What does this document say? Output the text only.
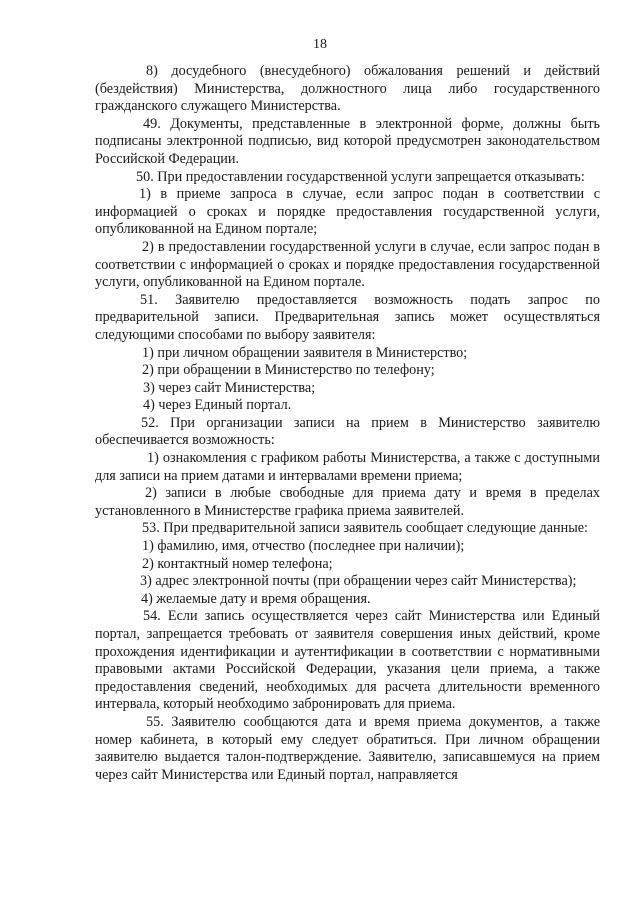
18

8) досудебного (внесудебного) обжалования решений и действий (бездействия) Министерства, должностного лица либо государственного гражданского служащего Министерства.

49. Документы, представленные в электронной форме, должны быть подписаны электронной подписью, вид которой предусмотрен законодательством Российской Федерации.

50. При предоставлении государственной услуги запрещается отказывать:

1) в приеме запроса в случае, если запрос подан в соответствии с информацией о сроках и порядке предоставления государственной услуги, опубликованной на Едином портале;

2) в предоставлении государственной услуги в случае, если запрос подан в соответствии с информацией о сроках и порядке предоставления государственной услуги, опубликованной на Едином портале.

51. Заявителю предоставляется возможность подать запрос по предварительной записи. Предварительная запись может осуществляться следующими способами по выбору заявителя:

1) при личном обращении заявителя в Министерство;

2) при обращении в Министерство по телефону;

3) через сайт Министерства;

4) через Единый портал.

52. При организации записи на прием в Министерство заявителю обеспечивается возможность:

1) ознакомления с графиком работы Министерства, а также с доступными для записи на прием датами и интервалами времени приема;

2) записи в любые свободные для приема дату и время в пределах установленного в Министерстве графика приема заявителей.

53. При предварительной записи заявитель сообщает следующие данные:

1) фамилию, имя, отчество (последнее при наличии);

2) контактный номер телефона;

3) адрес электронной почты (при обращении через сайт Министерства);

4) желаемые дату и время обращения.

54. Если запись осуществляется через сайт Министерства или Единый портал, запрещается требовать от заявителя совершения иных действий, кроме прохождения идентификации и аутентификации в соответствии с нормативными правовыми актами Российской Федерации, указания цели приема, а также предоставления сведений, необходимых для расчета длительности временного интервала, который необходимо забронировать для приема.

55. Заявителю сообщаются дата и время приема документов, а также номер кабинета, в который ему следует обратиться. При личном обращении заявителю выдается талон-подтверждение. Заявителю, записавшемуся на прием через сайт Министерства или Единый портал, направляется
